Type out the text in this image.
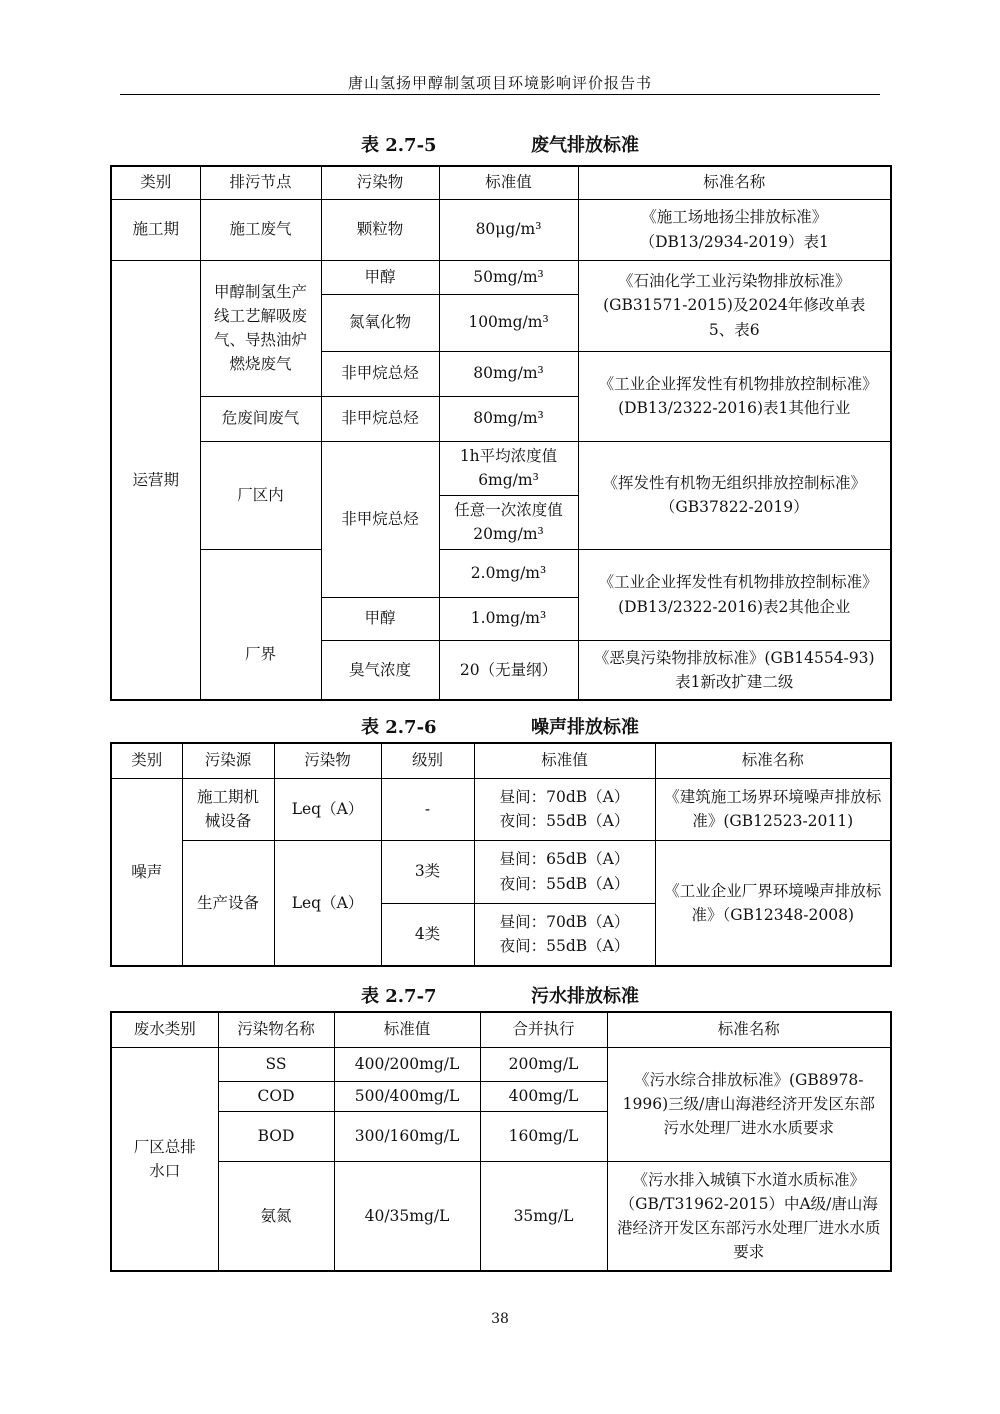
唐山氢扬甲醇制氢项目环境影响评价报告书
表 2.7-5	废气排放标准
类别	排污节点	污染物	标准值	标准名称
施工期	施工废气	颗粒物	80μg/m³	《施工场地扬尘排放标准》（DB13/2934-2019）表1
运营期	甲醇制氢生产线工艺解吸废气、导热油炉燃烧废气	甲醇	50mg/m³	《石油化学工业污染物排放标准》(GB31571-2015)及2024年修改单表5、表6
		氮氧化物	100mg/m³	
		非甲烷总烃	80mg/m³	《工业企业挥发性有机物排放控制标准》(DB13/2322-2016)表1其他行业
	危废间废气	非甲烷总烃	80mg/m³	
	厂区内	非甲烷总烃	1h平均浓度值6mg/m³	《挥发性有机物无组织排放控制标准》（GB37822-2019）
			任意一次浓度值20mg/m³	
	厂界		2.0mg/m³	《工业企业挥发性有机物排放控制标准》(DB13/2322-2016)表2其他企业
		甲醇	1.0mg/m³	
		臭气浓度	20（无量纲）	《恶臭污染物排放标准》(GB14554-93)表1新改扩建二级
表 2.7-6	噪声排放标准
类别	污染源	污染物	级别	标准值	标准名称
噪声	施工期机械设备	Leq（A）	-	昼间：70dB（A）
夜间：55dB（A）	《建筑施工场界环境噪声排放标准》(GB12523-2011)
	生产设备	Leq（A）	3类	昼间：65dB（A）
夜间：55dB（A）	《工业企业厂界环境噪声排放标准》（GB12348-2008)
			4类	昼间：70dB（A）
夜间：55dB（A）	
表 2.7-7	污水排放标准
废水类别	污染物名称	标准值	合并执行	标准名称
厂区总排水口	SS	400/200mg/L	200mg/L	《污水综合排放标准》(GB8978-1996)三级/唐山海港经济开发区东部污水处理厂进水水质要求
	COD	500/400mg/L	400mg/L	
	BOD	300/160mg/L	160mg/L	
	氨氮	40/35mg/L	35mg/L	《污水排入城镇下水道水质标准》（GB/T31962-2015）中A级/唐山海港经济开发区东部污水处理厂进水水质要求
38
